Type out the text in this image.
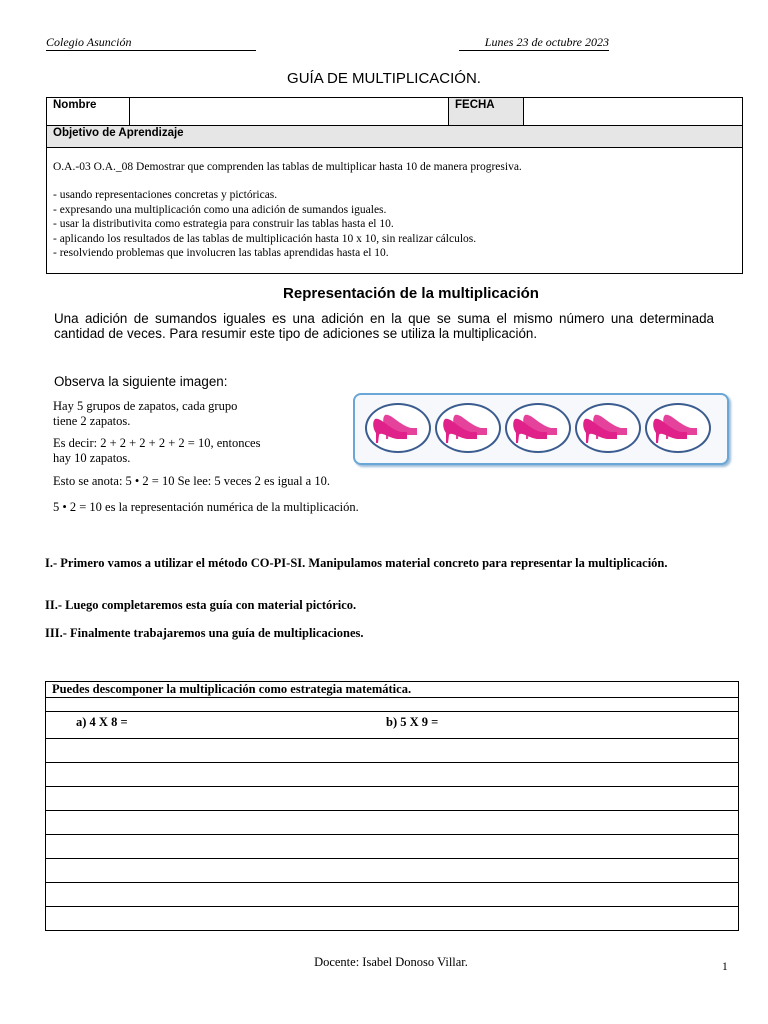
Colegio Asunción	Lunes 23 de octubre 2023
GUÍA DE MULTIPLICACIÓN.
Nombre		FECHA	
Objetivo de Aprendizaje

O.A.-03 O.A._08 Demostrar que comprenden las tablas de multiplicar hasta 10 de manera progresiva.
- usando representaciones concretas y pictóricas.
- expresando una multiplicación como una adición de sumandos iguales.
- usar la distributivita como estrategia para construir las tablas hasta el 10.
- aplicando los resultados de las tablas de multiplicación hasta 10 x 10, sin realizar cálculos.
- resolviendo problemas que involucren las tablas aprendidas hasta el 10.
Representación de la multiplicación
Una adición de sumandos iguales es una adición en la que se suma el mismo número una determinada cantidad de veces. Para resumir este tipo de adiciones se utiliza la multiplicación.
Observa la siguiente imagen:
Hay 5 grupos de zapatos, cada grupo
tiene 2 zapatos.
Es decir: 2 + 2 + 2 + 2 + 2 = 10, entonces
hay 10 zapatos.
Esto se anota: 5 • 2 = 10 Se lee: 5 veces 2 es igual a 10.
5 • 2 = 10 es la representación numérica de la multiplicación.
I.- Primero vamos a utilizar el método CO-PI-SI. Manipulamos material concreto para representar la multiplicación.
II.- Luego completaremos esta guía con material pictórico.
III.- Finalmente trabajaremos una guía de multiplicaciones.
Puedes descomponer la multiplicación como estrategia matemática.

a) 4 X 8 =	b) 5 X 9 =

Docente: Isabel Donoso Villar.	1
